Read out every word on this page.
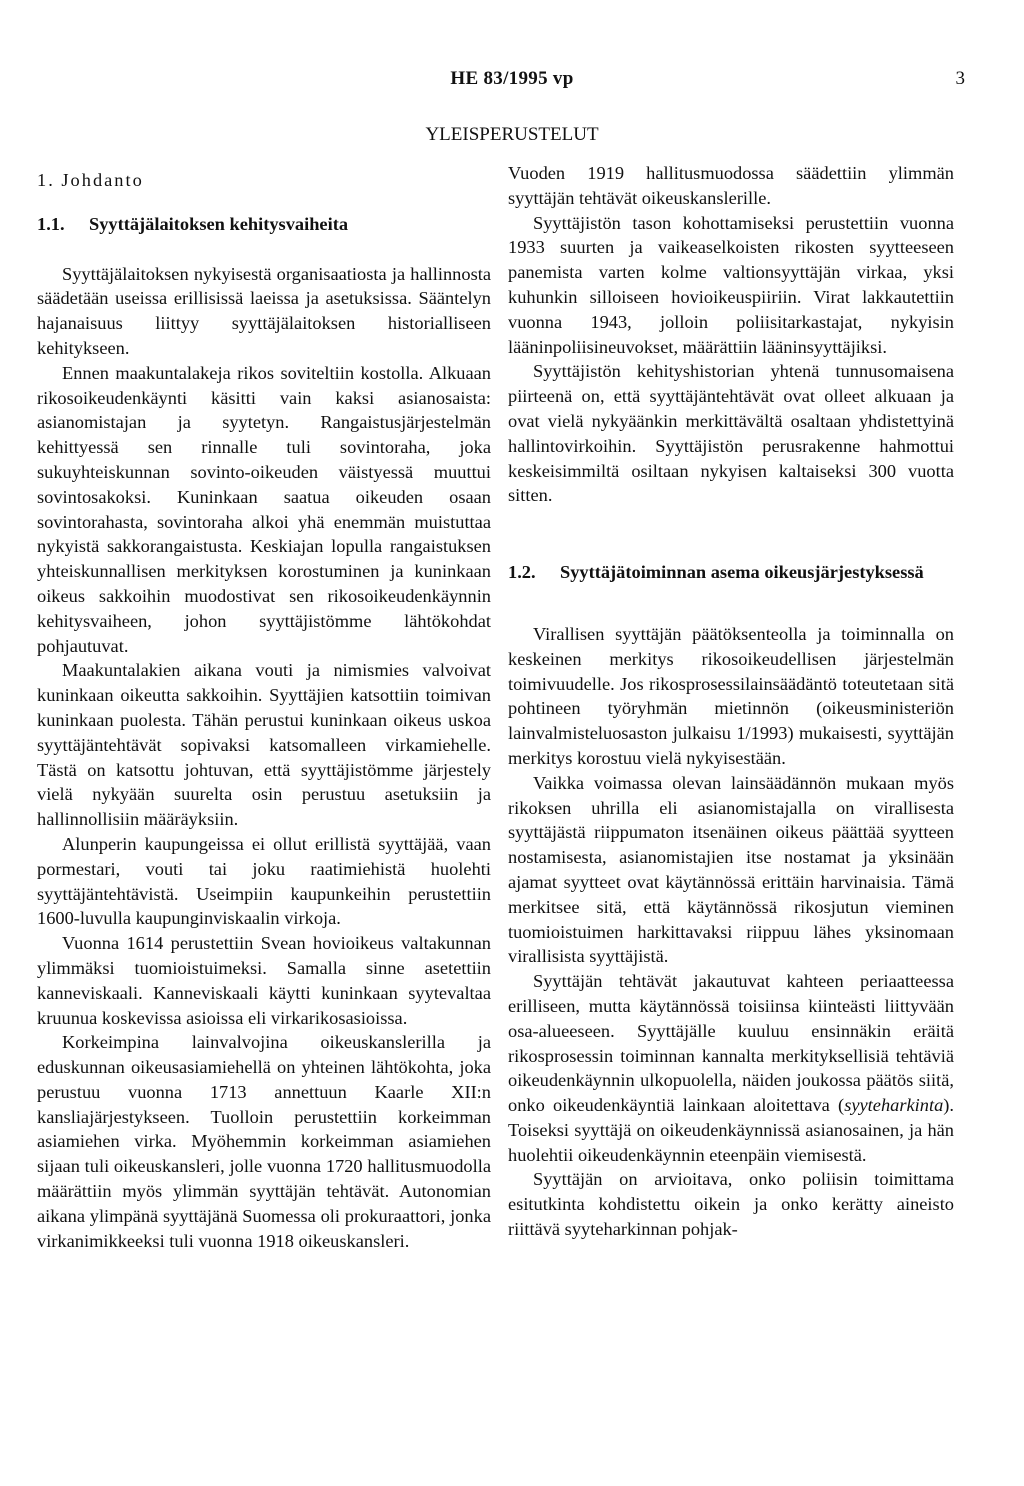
HE 83/1995 vp	3
YLEISPERUSTELUT
1. Johdanto
1.1.	Syyttäjälaitoksen kehitysvaiheita

Syyttäjälaitoksen nykyisestä organisaatiosta ja hallinnosta säädetään useissa erillisissä laeissa ja asetuksissa. Sääntelyn hajanaisuus liittyy syyttäjälaitoksen historialliseen kehitykseen.

Ennen maakuntalakeja rikos soviteltiin kostolla. Alkuaan rikosoikeudenkäynti käsitti vain kaksi asianosaista: asianomistajan ja syytetyn. Rangaistusjärjestelmän kehittyessä sen rinnalle tuli sovintoraha, joka sukuyhteiskunnan sovinto-oikeuden väistyessä muuttui sovintosakoksi. Kuninkaan saatua oikeuden osaan sovintorahasta, sovintoraha alkoi yhä enemmän muistuttaa nykyistä sakkorangaistusta. Keskiajan lopulla rangaistuksen yhteiskunnallisen merkityksen korostuminen ja kuninkaan oikeus sakkoihin muodostivat sen rikosoikeudenkäynnin kehitysvaiheen, johon syyttäjistömme lähtökohdat pohjautuvat.

Maakuntalakien aikana vouti ja nimismies valvoivat kuninkaan oikeutta sakkoihin. Syyttäjien katsottiin toimivan kuninkaan puolesta. Tähän perustui kuninkaan oikeus uskoa syyttäjäntehtävät sopivaksi katsomalleen virkamiehelle. Tästä on katsottu johtuvan, että syyttäjistömme järjestely vielä nykyään suurelta osin perustuu asetuksiin ja hallinnollisiin määräyksiin.

Alunperin kaupungeissa ei ollut erillistä syyttäjää, vaan pormestari, vouti tai joku raatimiehistä huolehti syyttäjäntehtävistä. Useimpiin kaupunkeihin perustettiin 1600-luvulla kaupunginviskaalin virkoja.

Vuonna 1614 perustettiin Svean hovioikeus valtakunnan ylimmäksi tuomioistuimeksi. Samalla sinne asetettiin kanneviskaali. Kanneviskaali käytti kuninkaan syytevaltaa kruunua koskevissa asioissa eli virkarikosasioissa.

Korkeimpina lainvalvojina oikeuskanslerilla ja eduskunnan oikeusasiamiehellä on yhteinen lähtökohta, joka perustuu vuonna 1713 annettuun Kaarle XII:n kansliajärjestykseen. Tuolloin perustettiin korkeimman asiamiehen virka. Myöhemmin korkeimman asiamiehen sijaan tuli oikeuskansleri, jolle vuonna 1720 hallitusmuodolla määrättiin myös ylimmän syyttäjän tehtävät. Autonomian aikana ylimpänä syyttäjänä Suomessa oli prokuraattori, jonka virkanimikkeeksi tuli vuonna 1918 oikeuskansleri.

Vuoden 1919 hallitusmuodossa säädettiin ylimmän syyttäjän tehtävät oikeuskanslerille.

Syyttäjistön tason kohottamiseksi perustettiin vuonna 1933 suurten ja vaikeaselkoisten rikosten syytteeseen panemista varten kolme valtionsyyttäjän virkaa, yksi kuhunkin silloiseen hovioikeuspiiriin. Virat lakkautettiin vuonna 1943, jolloin poliisitarkastajat, nykyisin lääninpoliisineuvokset, määrättiin lääninsyyttäjiksi.

Syyttäjistön kehityshistorian yhtenä tunnusomaisena piirteenä on, että syyttäjäntehtävät ovat olleet alkuaan ja ovat vielä nykyäänkin merkittävältä osaltaan yhdistettyinä hallintovirkoihin. Syyttäjistön perusrakenne hahmottui keskeisimmiltä osiltaan nykyisen kaltaiseksi 300 vuotta sitten.

1.2.	Syyttäjätoiminnan asema oikeusjärjestyksessä

Virallisen syyttäjän päätöksenteolla ja toiminnalla on keskeinen merkitys rikosoikeudellisen järjestelmän toimivuudelle. Jos rikosprosessilainsäädäntö toteutetaan sitä pohtineen työryhmän mietinnön (oikeusministeriön lainvalmisteluosaston julkaisu 1/1993) mukaisesti, syyttäjän merkitys korostuu vielä nykyisestään.

Vaikka voimassa olevan lainsäädännön mukaan myös rikoksen uhrilla eli asianomistajalla on virallisesta syyttäjästä riippumaton itsenäinen oikeus päättää syytteen nostamisesta, asianomistajien itse nostamat ja yksinään ajamat syytteet ovat käytännössä erittäin harvinaisia. Tämä merkitsee sitä, että käytännössä rikosjutun vieminen tuomioistuimen harkittavaksi riippuu lähes yksinomaan virallisista syyttäjistä.

Syyttäjän tehtävät jakautuvat kahteen periaatteessa erilliseen, mutta käytännössä toisiinsa kiinteästi liittyvään osa-alueeseen. Syyttäjälle kuuluu ensinnäkin eräitä rikosprosessin toiminnan kannalta merkityksellisiä tehtäviä oikeudenkäynnin ulkopuolella, näiden joukossa päätös siitä, onko oikeudenkäyntiä lainkaan aloitettava (syyteharkinta). Toiseksi syyttäjä on oikeudenkäynnissä asianosainen, ja hän huolehtii oikeudenkäynnin eteenpäin viemisestä.

Syyttäjän on arvioitava, onko poliisin toimittama esitutkinta kohdistettu oikein ja onko kerätty aineisto riittävä syyteharkinnan pohjak-
